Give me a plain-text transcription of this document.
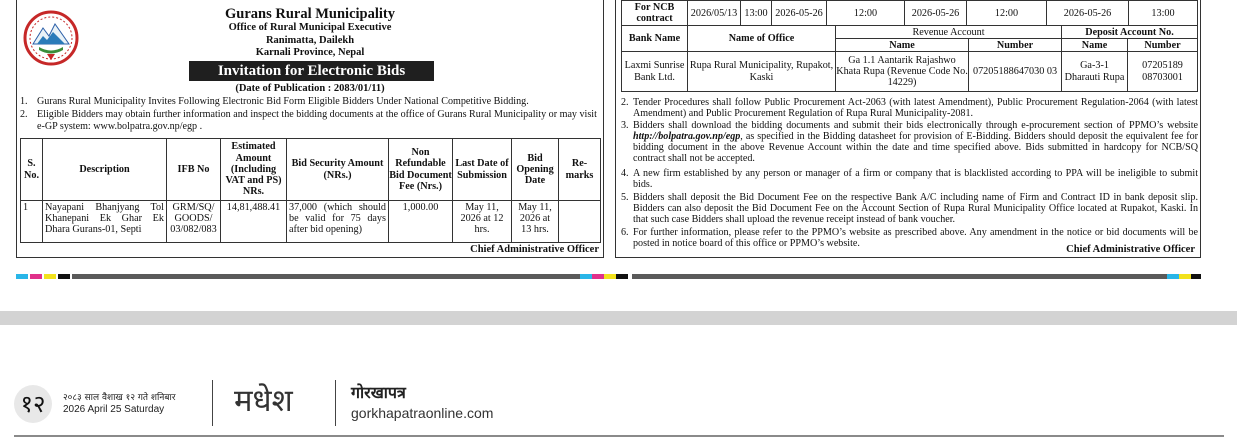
Gurans Rural Municipality
Office of Rural Municipal Executive
Ranimatta, Dailekh
Karnali Province, Nepal
Invitation for Electronic Bids
(Date of Publication : 2083/01/11)
1. Gurans Rural Municipality Invites Following Electronic Bid Form Eligible Bidders Under National Competitive Bidding.
2. Eligible Bidders may obtain further information and inspect the bidding documents at the office of Gurans Rural Municipality or may visit e-GP system: www.bolpatra.gov.np/egp .
S. No.	Description	IFB No	Estimated Amount (Including VAT and PS) NRs.	Bid Security Amount (NRs.)	Non Refundable Bid Document Fee (Nrs.)	Last Date of Submission	Bid Opening Date	Re-marks
1	Nayapani Bhanjyang Tol Khanepani Ek Ghar Ek Dhara Gurans-01, Septi	GRM/SQ/ GOODS/ 03/082/083	14,81,488.41	37,000 (which should be valid for 75 days after bid opening)	1,000.00	May 11, 2026 at 12 hrs.	May 11, 2026 at 13 hrs.	
Chief Administrative Officer
For NCB contract	2026/05/13	13:00	2026-05-26	12:00	2026-05-26	12:00	2026-05-26	13:00
Bank Name	Name of Office	Revenue Account		Deposit Account No.	
		Name	Number	Name	Number
Laxmi Sunrise Bank Ltd.	Rupa Rural Municipality, Rupakot, Kaski	Ga 1.1 Aantarik Rajashwo Khata Rupa (Revenue Code No. 14229)	07205188647030 03	Ga-3-1 Dharauti Rupa	07205189 08703001
2. Tender Procedures shall follow Public Procurement Act-2063 (with latest Amendment), Public Procurement Regulation-2064 (with latest Amendment) and Public Procurement Regulation of Rupa Rural Municipality-2081.
3. Bidders shall download the bidding documents and submit their bids electronically through e-procurement section of PPMO’s website http://bolpatra.gov.np/egp, as specified in the Bidding datasheet for provision of E-Bidding. Bidders should deposit the equivalent fee for bidding document in the above Revenue Account within the date and time specified above. Bids submitted in hardcopy for NCB/SQ contract shall not be accepted.
4. A new firm established by any person or manager of a firm or company that is blacklisted according to PPA will be ineligible to submit bids.
5. Bidders shall deposit the Bid Document Fee on the respective Bank A/C including name of Firm and Contract ID in bank deposit slip. Bidders can also deposit the Bid Document Fee on the Account Section of Rupa Rural Municipality Office located at Rupakot, Kaski. In that such case Bidders shall upload the revenue receipt instead of bank voucher.
6. For further information, please refer to the PPMO’s website as prescribed above. Any amendment in the notice or bid documents will be posted in notice board of this office or PPMO’s website.
Chief Administrative Officer
१२	२०८३ साल वैशाख १२ गते शनिबार
2026 April 25 Saturday मधेश	गोरखापत्र
gorkhapatraonline.com
